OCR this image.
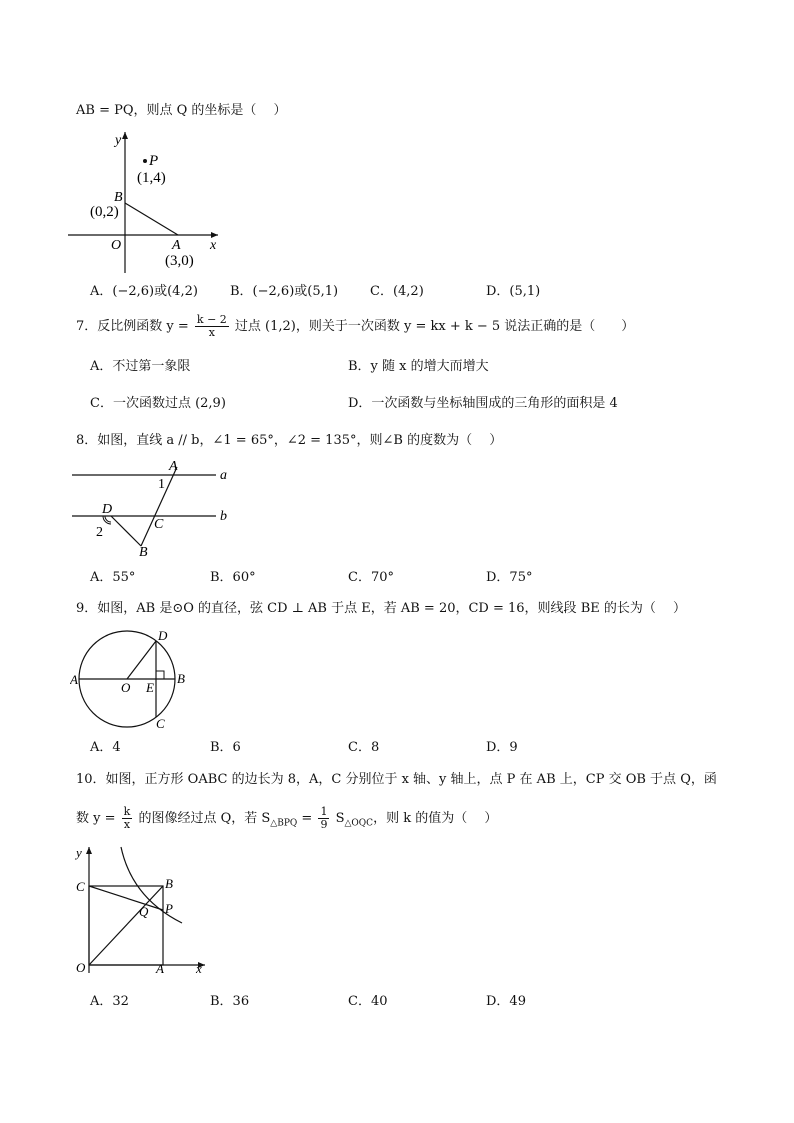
AB = PQ，则点 Q 的坐标是（　 ）
y
x
O
P
(1,4)
B
(0,2)
A
(3,0)
A．(−2,6)或(4,2) B．(−2,6)或(5,1) C．(4,2)	D．(5,1)
7．反比例函数 $y = \frac{k - 2}{x}$ 过点 (1,2)，则关于一次函数 y = kx + k − 5 说法正确的是（　　）
A．不过第一象限	B．y 随 x 的增大而增大
C．一次函数过点 (2,9)	D．一次函数与坐标轴围成的三角形的面积是 4
8．如图，直线 a // b，∠1 = 65°，∠2 = 135°，则∠B 的度数为（　 ）
A
a
1
D	b
2
C
B
A．55°	B．60°	C．70°	D．75°
9．如图，AB 是⊙O 的直径，弦 CD ⊥ AB 于点 E，若 AB = 20，CD = 16，则线段 BE 的长为（　 ）
A
O E
B
D
C
A．4	B．6	C．8	D．9
10．如图，正方形 OABC 的边长为 8，A，C 分别位于 x 轴、y 轴上，点 P 在 AB 上，CP 交 OB 于点 Q，函
数 $y = \frac{k}{x}$ 的图像经过点 Q，若 $S_{\triangle BPQ} = \frac{1}{9} S_{\triangle OQC}$，则 k 的值为（　 ）
y
x
O	A
B
C
Q P
A．32	B．36	C．40	D．49
